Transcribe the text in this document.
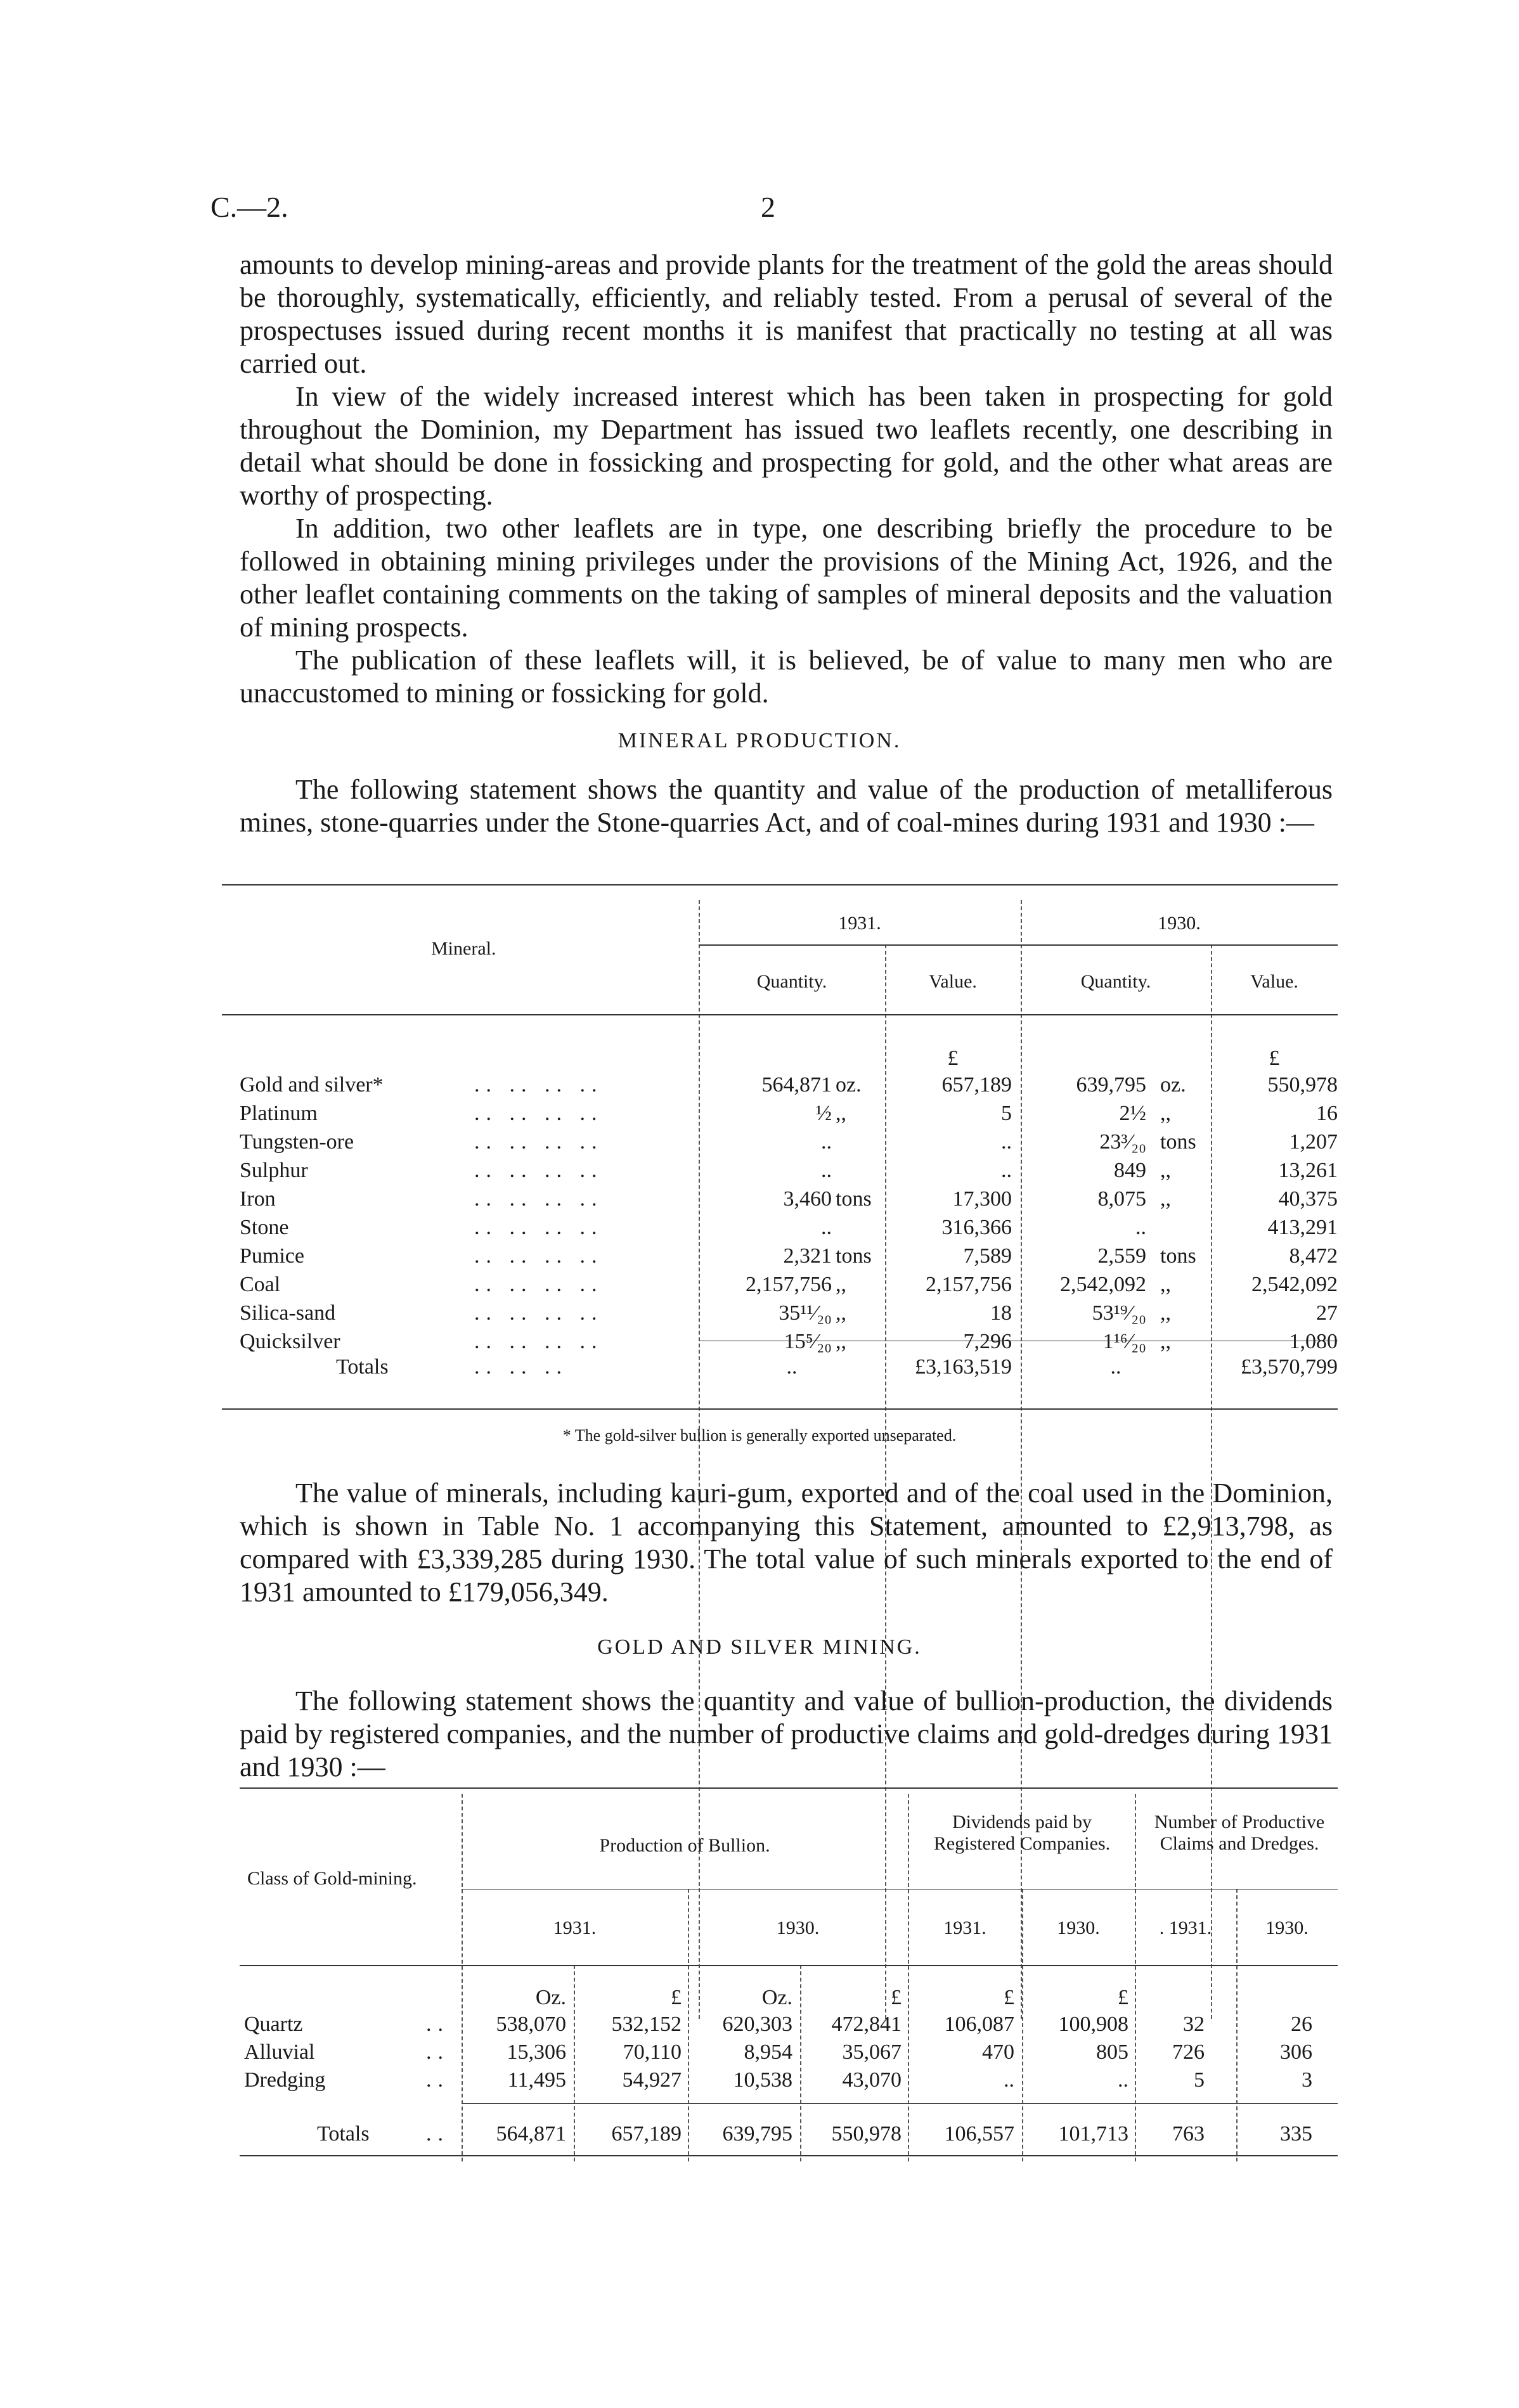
C.—2.	2

amounts to develop mining-areas and provide plants for the treatment of the gold the areas should be thoroughly, systematically, efficiently, and reliably tested. From a perusal of several of the prospectuses issued during recent months it is manifest that practically no testing at all was carried out.

In view of the widely increased interest which has been taken in prospecting for gold throughout the Dominion, my Department has issued two leaflets recently, one describing in detail what should be done in fossicking and prospecting for gold, and the other what areas are worthy of prospecting.

In addition, two other leaflets are in type, one describing briefly the procedure to be followed in obtaining mining privileges under the provisions of the Mining Act, 1926, and the other leaflet containing comments on the taking of samples of mineral deposits and the valuation of mining prospects.

The publication of these leaflets will, it is believed, be of value to many men who are unaccustomed to mining or fossicking for gold.

MINERAL PRODUCTION.

The following statement shows the quantity and value of the production of metalliferous mines, stone-quarries under the Stone-quarries Act, and of coal-mines during 1931 and 1930 :—

Mineral.
1931.	1930.
Quantity.	Value.	Quantity.	Value.
£	£
Gold and silver*	.. .. .. ..	564,871 oz.	657,189	639,795 oz.	550,978
Platinum	.. .. .. ..	½ ,,	5	2½ ,,	16
Tungsten-ore	.. .. .. ..	..	..	23³⁄₂₀ tons	1,207
Sulphur	.. .. .. ..	..	..	849 ,,	13,261
Iron	.. .. .. ..	3,460 tons	17,300	8,075 ,,	40,375
Stone	.. .. .. ..	..	316,366	..	413,291
Pumice	.. .. .. ..	2,321 tons	7,589	2,559 tons	8,472
Coal	.. .. .. ..	2,157,756 ,,	2,157,756	2,542,092 ,,	2,542,092
Silica-sand	.. .. .. ..	35¹¹⁄₂₀ ,,	18	53¹⁹⁄₂₀ ,,	27
Quicksilver	.. .. .. ..	15⁵⁄₂₀ ,,	7,296	1¹⁶⁄₂₀ ,,	1,080
Totals	.. .. ..	..	£3,163,519	..	£3,570,799
* The gold-silver bullion is generally exported unseparated.

The value of minerals, including kauri-gum, exported and of the coal used in the Dominion, which is shown in Table No. 1 accompanying this Statement, amounted to £2,913,798, as compared with £3,339,285 during 1930. The total value of such minerals exported to the end of 1931 amounted to £179,056,349.

GOLD AND SILVER MINING.

The following statement shows the quantity and value of bullion-production, the dividends paid by registered companies, and the number of productive claims and gold-dredges during 1931 and 1930 :—

Class of Gold-mining.
Production of Bullion.
Dividends paid by Registered Companies.
Number of Productive Claims and Dredges.
1931.	1930.	1931.	1930.	. 1931.	1930.
Oz.	£	Oz.	£	£	£
Quartz	..	538,070	532,152	620,303	472,841	106,087	100,908	32	26
Alluvial	..	15,306	70,110	8,954	35,067	470	805	726	306
Dredging	..	11,495	54,927	10,538	43,070	..	..	5	3
Totals	..	564,871	657,189	639,795	550,978	106,557	101,713	763	335
